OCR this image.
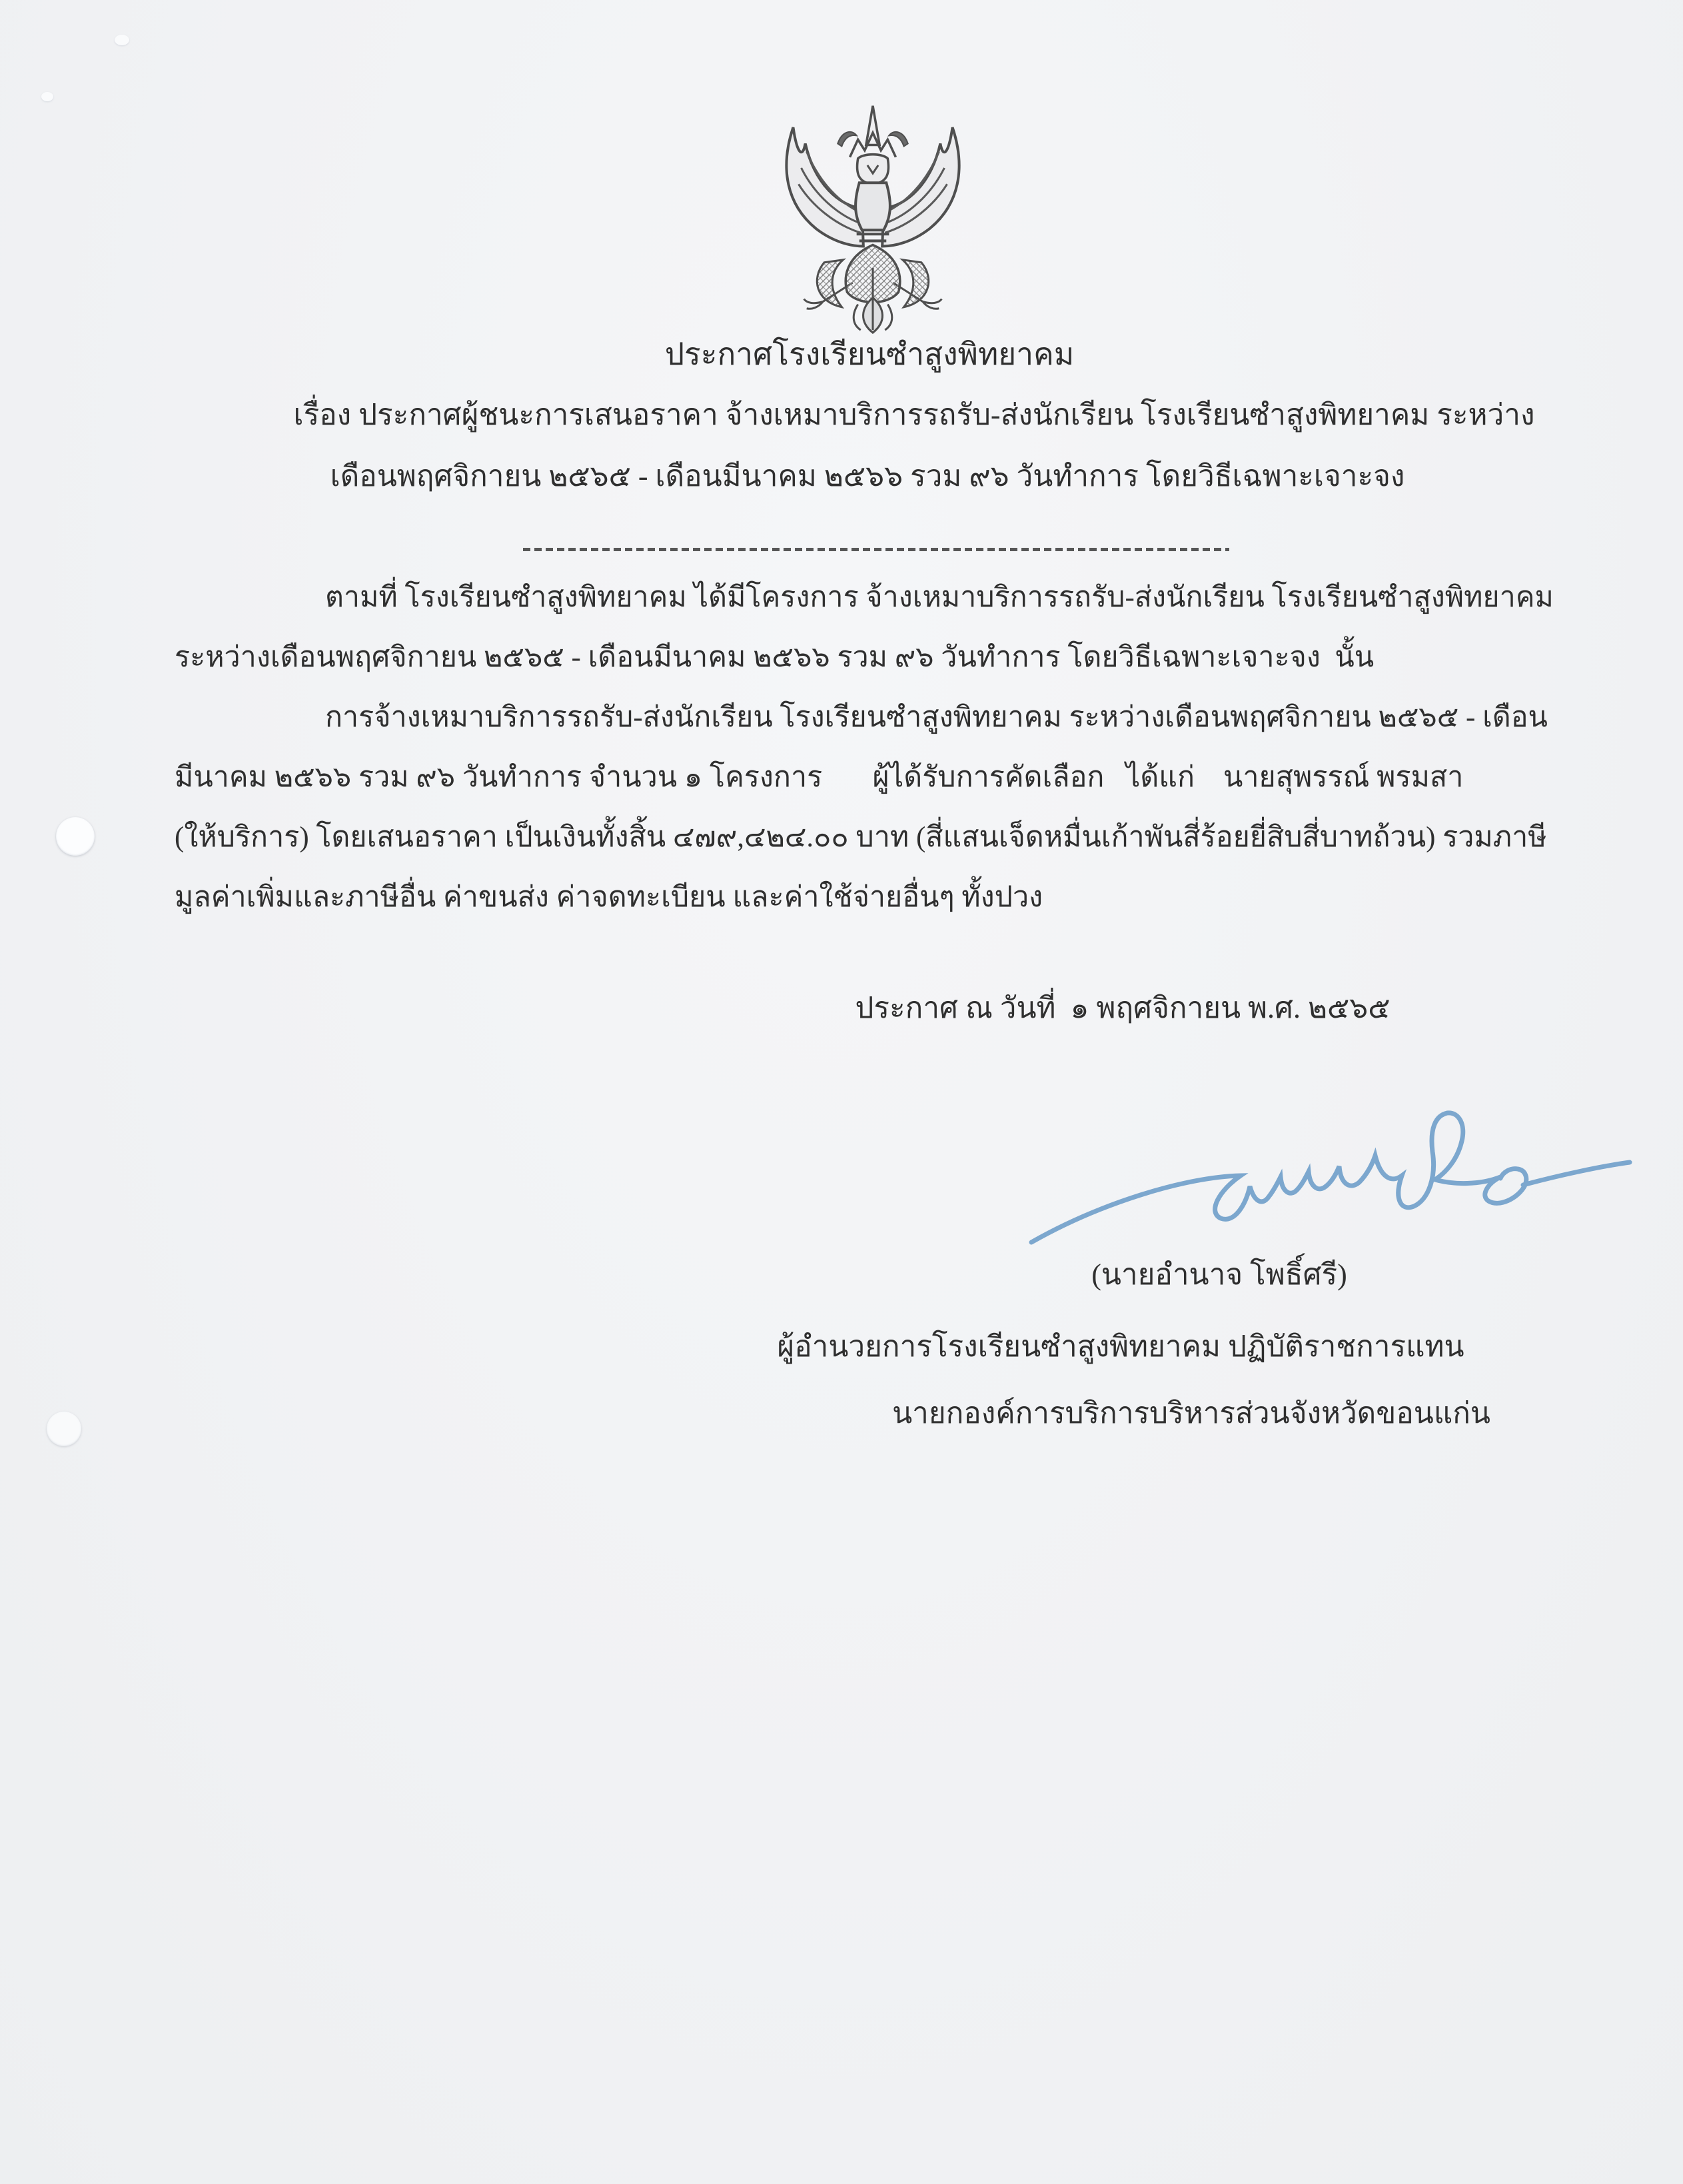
ประกาศโรงเรียนซำสูงพิทยาคม
เรื่อง ประกาศผู้ชนะการเสนอราคา จ้างเหมาบริการรถรับ-ส่งนักเรียน โรงเรียนซำสูงพิทยาคม ระหว่าง
เดือนพฤศจิกายน ๒๕๖๕ - เดือนมีนาคม ๒๕๖๖ รวม ๙๖ วันทำการ โดยวิธีเฉพาะเจาะจง
ตามที่ โรงเรียนซำสูงพิทยาคม ได้มีโครงการ จ้างเหมาบริการรถรับ-ส่งนักเรียน โรงเรียนซำสูงพิทยาคม
ระหว่างเดือนพฤศจิกายน ๒๕๖๕ - เดือนมีนาคม ๒๕๖๖ รวม ๙๖ วันทำการ โดยวิธีเฉพาะเจาะจง  นั้น
การจ้างเหมาบริการรถรับ-ส่งนักเรียน โรงเรียนซำสูงพิทยาคม ระหว่างเดือนพฤศจิกายน ๒๕๖๕ - เดือน
มีนาคม ๒๕๖๖ รวม ๙๖ วันทำการ จำนวน ๑ โครงการ       ผู้ได้รับการคัดเลือก   ได้แก่    นายสุพรรณ์ พรมสา
(ให้บริการ) โดยเสนอราคา เป็นเงินทั้งสิ้น ๔๗๙,๔๒๔.๐๐ บาท (สี่แสนเจ็ดหมื่นเก้าพันสี่ร้อยยี่สิบสี่บาทถ้วน) รวมภาษี
มูลค่าเพิ่มและภาษีอื่น ค่าขนส่ง ค่าจดทะเบียน และค่าใช้จ่ายอื่นๆ ทั้งปวง
ประกาศ ณ วันที่  ๑ พฤศจิกายน พ.ศ. ๒๕๖๕
(นายอำนาจ โพธิ์ศรี)
ผู้อำนวยการโรงเรียนซำสูงพิทยาคม ปฏิบัติราชการแทน
นายกองค์การบริการบริหารส่วนจังหวัดขอนแก่น
